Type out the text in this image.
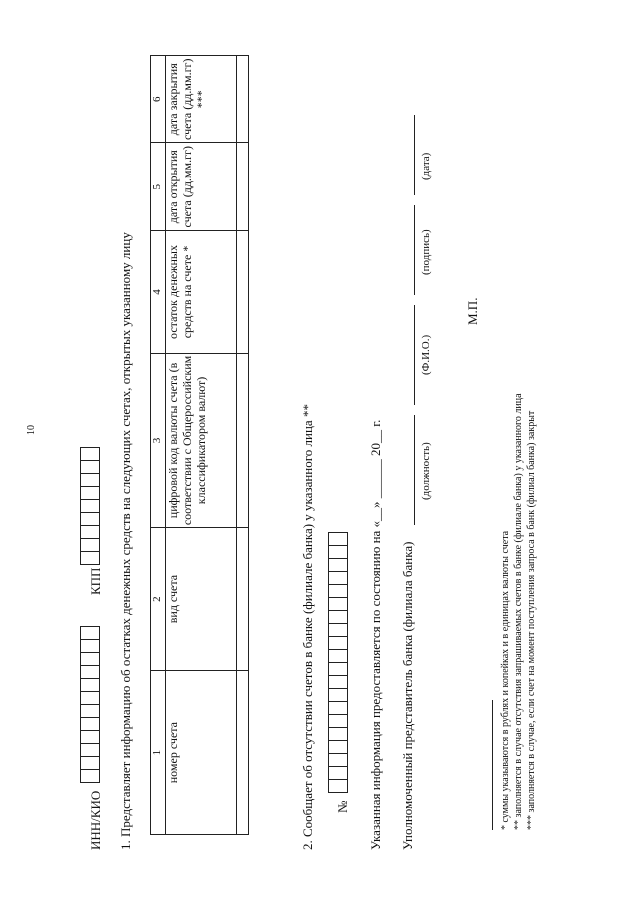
10
ИНН/КИО
КПП 1. Представляет информацию об остатках денежных средств на следующих счетах, открытых указанному лицу 1	2	3	4	5	6
номер счета	вид счета	цифровой код валюты счета (в соответствии с Общероссийским классификатором валют)	остаток денежных средств на счете *	дата открытия счета (дд.мм.гг)	дата закрытия счета (дд.мм.гг) ***

2. Сообщает об отсутствии счетов в банке (филиале банка) у указанного лица ** № Указанная информация предоставляется по состоянию на «__» ______ 20__ г. Уполномоченный представитель банка (филиала банка)
(должность)
(Ф.И.О.)
(подпись)
(дата)
М.П.
* суммы указываются в рублях и копейках и в единицах валюты счета ** заполняется в случае отсутствия запрашиваемых счетов в банке (филиале банка) у указанного лица *** заполняется в случае, если счет на момент поступления запроса в банк (филиал банка) закрыт
